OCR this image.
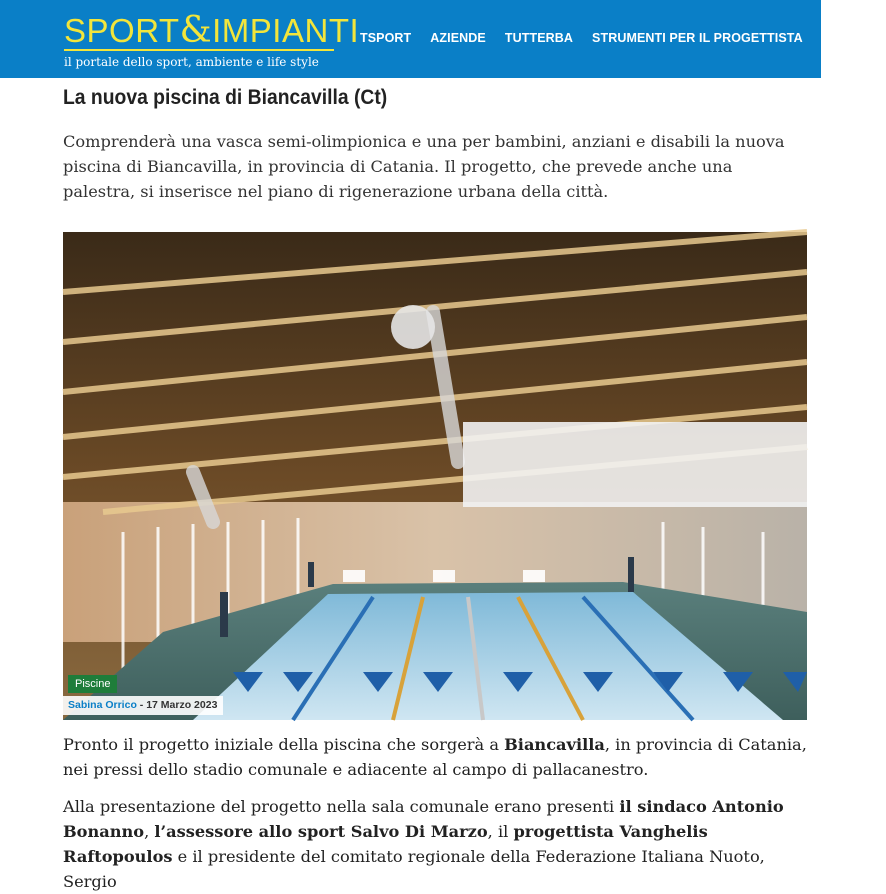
SPORT&IMPIANTI
il portale dello sport, ambiente e life style
TSPORT AZIENDE TUTTERBA STRUMENTI PER IL PROGETTISTA EVENTI
La nuova piscina di Biancavilla (Ct)

Comprenderà una vasca semi-olimpionica e una per bambini, anziani e disabili la nuova piscina di Biancavilla, in provincia di Catania. Il progetto, che prevede anche una palestra, si inserisce nel piano di rigenerazione urbana della città.

Piscine
Sabina Orrico - 17 Marzo 2023

Pronto il progetto iniziale della piscina che sorgerà a Biancavilla, in provincia di Catania, nei pressi dello stadio comunale e adiacente al campo di pallacanestro.

Alla presentazione del progetto nella sala comunale erano presenti il sindaco Antonio Bonanno, l’assessore allo sport Salvo Di Marzo, il progettista Vanghelis Raftopoulos e il presidente del comitato regionale della Federazione Italiana Nuoto, Sergio
